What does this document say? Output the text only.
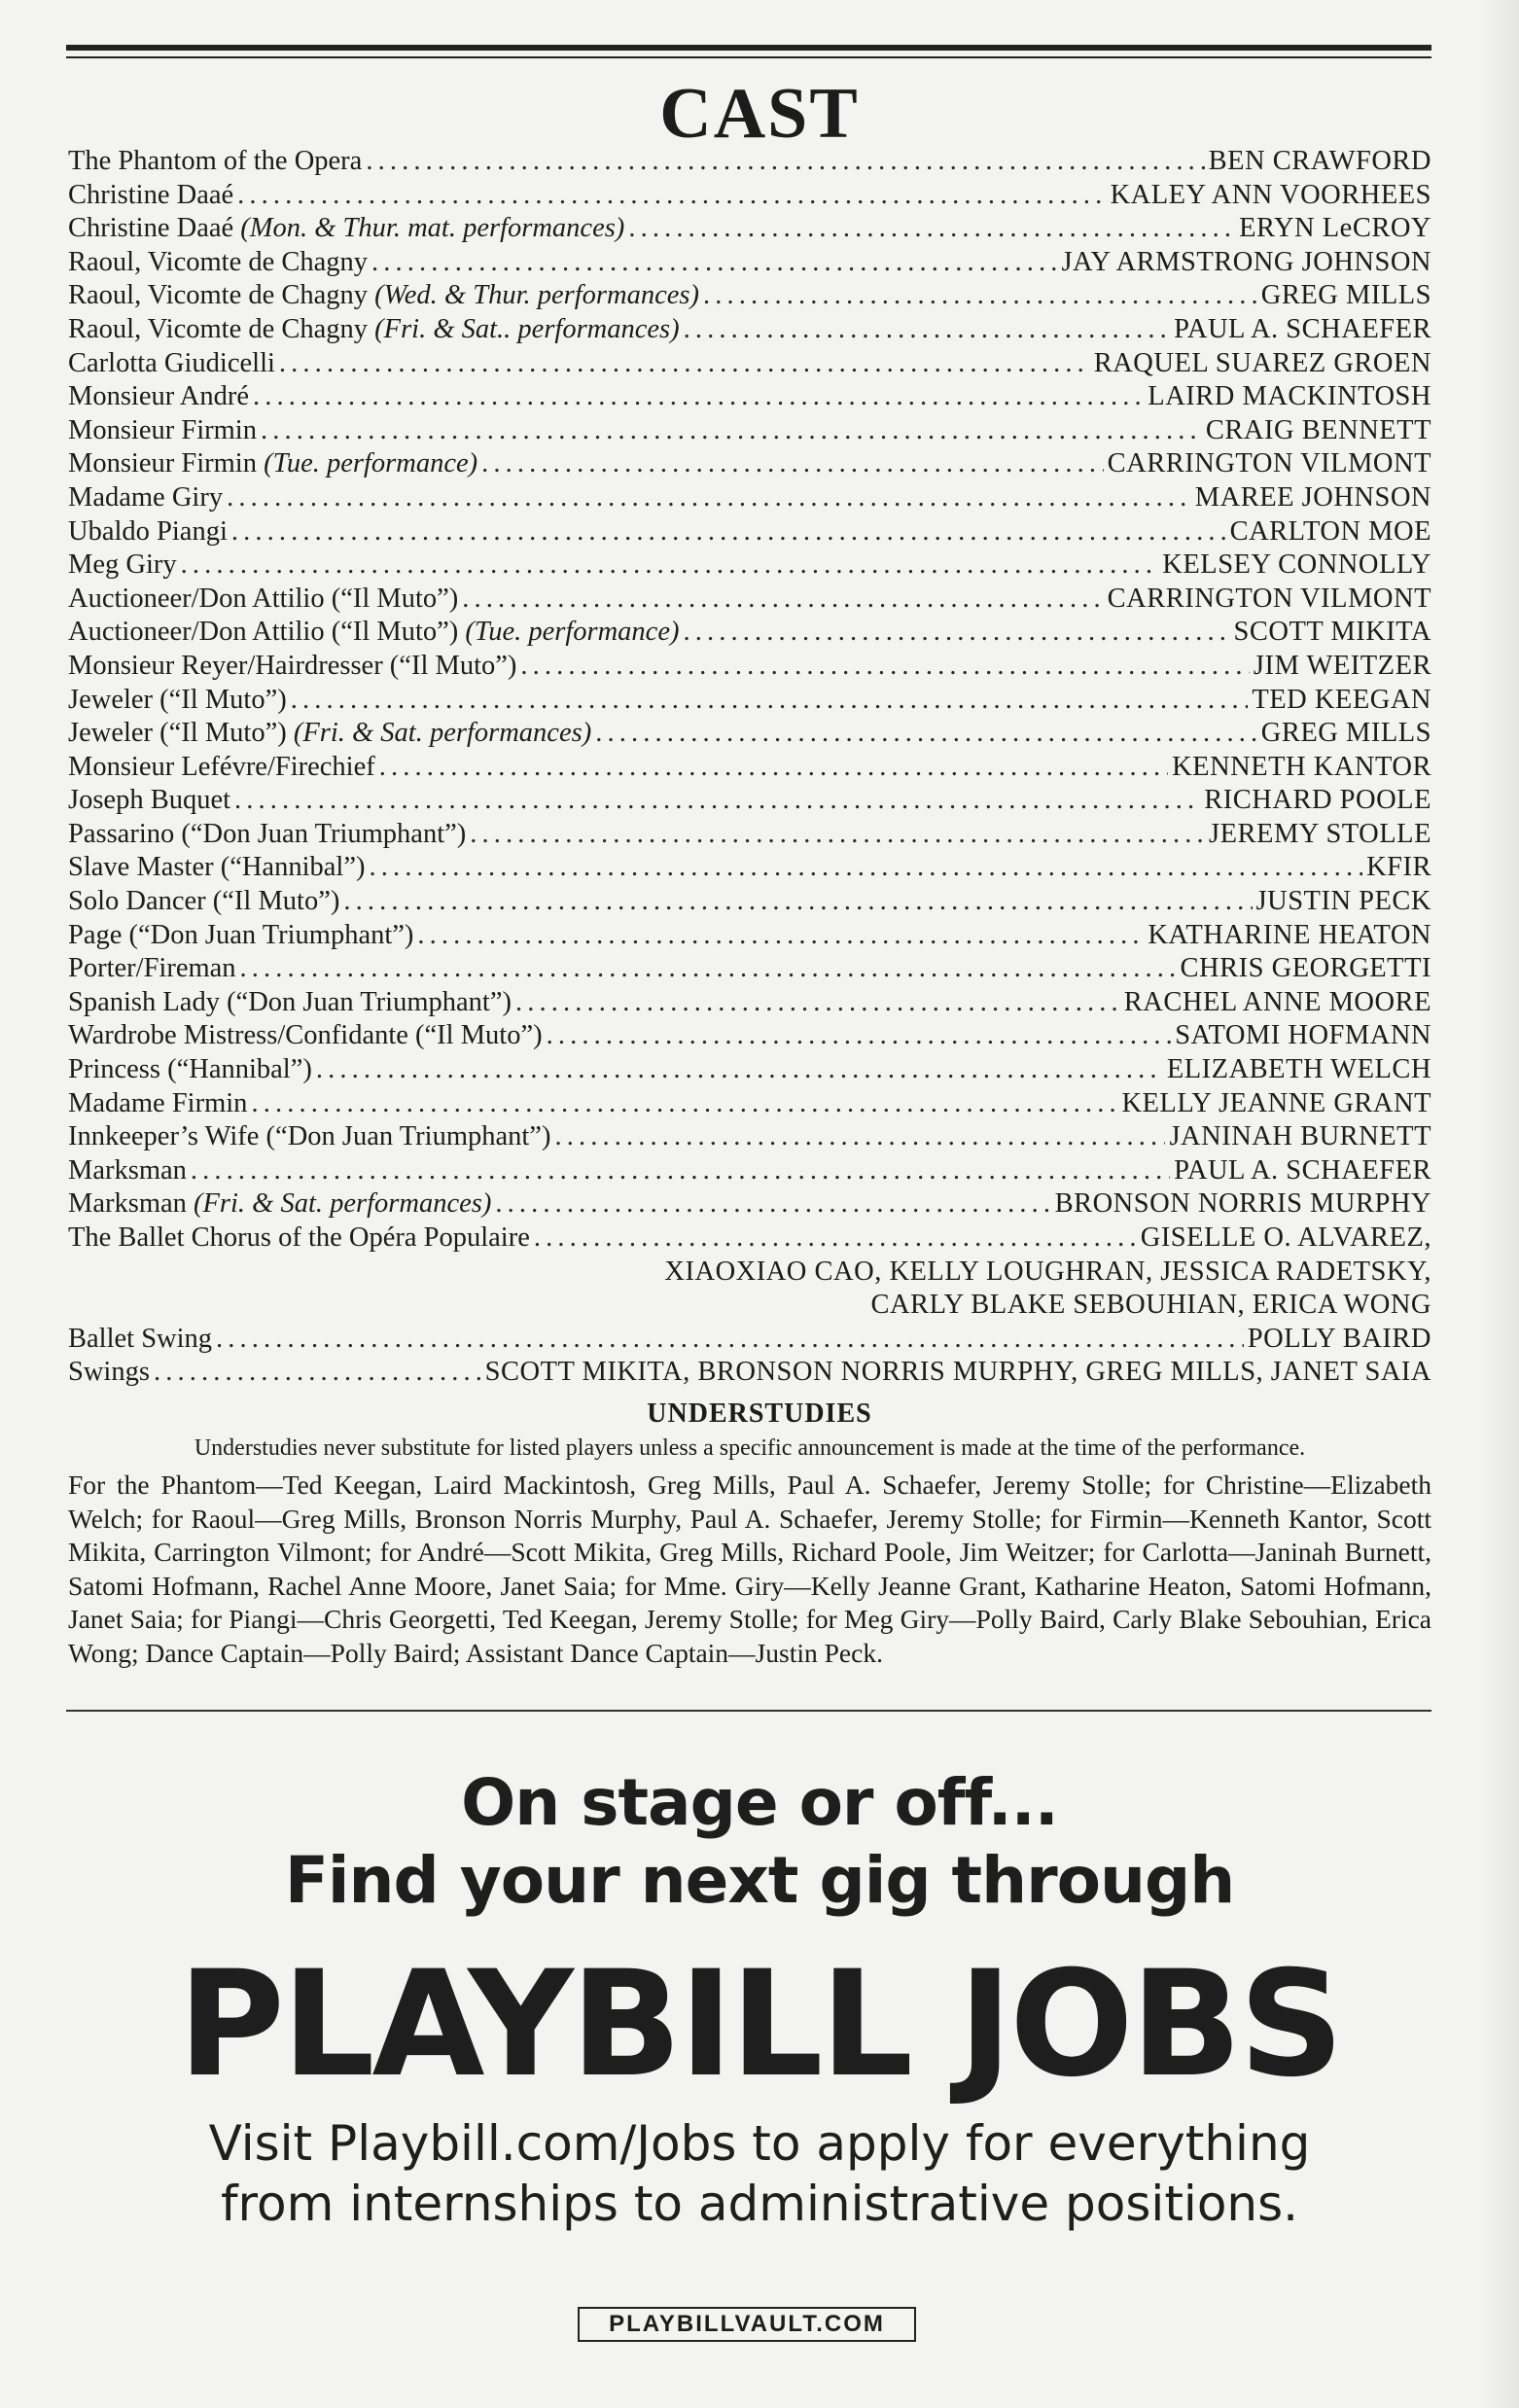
CAST
The Phantom of the Opera . . .	BEN CRAWFORD
Christine Daaé . . .	KALEY ANN VOORHEES
Christine Daaé (Mon. & Thur. mat. performances) . . .	ERYN LeCROY
Raoul, Vicomte de Chagny . . .	JAY ARMSTRONG JOHNSON
Raoul, Vicomte de Chagny (Wed. & Thur. performances) . . .	GREG MILLS
Raoul, Vicomte de Chagny (Fri. & Sat.. performances) . . .	PAUL A. SCHAEFER
Carlotta Giudicelli . . .	RAQUEL SUAREZ GROEN
Monsieur André . . .	LAIRD MACKINTOSH
Monsieur Firmin . . .	CRAIG BENNETT
Monsieur Firmin (Tue. performance) . . .	CARRINGTON VILMONT
Madame Giry . . .	MAREE JOHNSON
Ubaldo Piangi . . .	CARLTON MOE
Meg Giry . . .	KELSEY CONNOLLY
Auctioneer/Don Attilio (“Il Muto”) . . .	CARRINGTON VILMONT
Auctioneer/Don Attilio (“Il Muto”) (Tue. performance) . . .	SCOTT MIKITA
Monsieur Reyer/Hairdresser (“Il Muto”) . . .	JIM WEITZER
Jeweler (“Il Muto”) . . .	TED KEEGAN
Jeweler (“Il Muto”) (Fri. & Sat. performances) . . .	GREG MILLS
Monsieur Lefévre/Firechief . . .	KENNETH KANTOR
Joseph Buquet . . .	RICHARD POOLE
Passarino (“Don Juan Triumphant”) . . .	JEREMY STOLLE
Slave Master (“Hannibal”) . . .	KFIR
Solo Dancer (“Il Muto”) . . .	JUSTIN PECK
Page (“Don Juan Triumphant”) . . .	KATHARINE HEATON
Porter/Fireman . . .	CHRIS GEORGETTI
Spanish Lady (“Don Juan Triumphant”) . . .	RACHEL ANNE MOORE
Wardrobe Mistress/Confidante (“Il Muto”) . . .	SATOMI HOFMANN
Princess (“Hannibal”) . . .	ELIZABETH WELCH
Madame Firmin . . .	KELLY JEANNE GRANT
Innkeeper’s Wife (“Don Juan Triumphant”) . . .	JANINAH BURNETT
Marksman . . .	PAUL A. SCHAEFER
Marksman (Fri. & Sat. performances) . . .	BRONSON NORRIS MURPHY
The Ballet Chorus of the Opéra Populaire . . .	GISELLE O. ALVAREZ,
XIAOXIAO CAO, KELLY LOUGHRAN, JESSICA RADETSKY,
CARLY BLAKE SEBOUHIAN, ERICA WONG
Ballet Swing . . .	POLLY BAIRD
Swings . . .	SCOTT MIKITA, BRONSON NORRIS MURPHY, GREG MILLS, JANET SAIA
UNDERSTUDIES
Understudies never substitute for listed players unless a specific announcement is made at the time of the performance.
For the Phantom—Ted Keegan, Laird Mackintosh, Greg Mills, Paul A. Schaefer, Jeremy Stolle; for Christine—Elizabeth Welch; for Raoul—Greg Mills, Bronson Norris Murphy, Paul A. Schaefer, Jeremy Stolle; for Firmin—Kenneth Kantor, Scott Mikita, Carrington Vilmont; for André—Scott Mikita, Greg Mills, Richard Poole, Jim Weitzer; for Carlotta—Janinah Burnett, Satomi Hofmann, Rachel Anne Moore, Janet Saia; for Mme. Giry—Kelly Jeanne Grant, Katharine Heaton, Satomi Hofmann, Janet Saia; for Piangi—Chris Georgetti, Ted Keegan, Jeremy Stolle; for Meg Giry—Polly Baird, Carly Blake Sebouhian, Erica Wong; Dance Captain—Polly Baird; Assistant Dance Captain—Justin Peck.
On stage or off...
Find your next gig through
PLAYBILL JOBS
Visit Playbill.com/Jobs to apply for everything
from internships to administrative positions.
PLAYBILLVAULT.COM
